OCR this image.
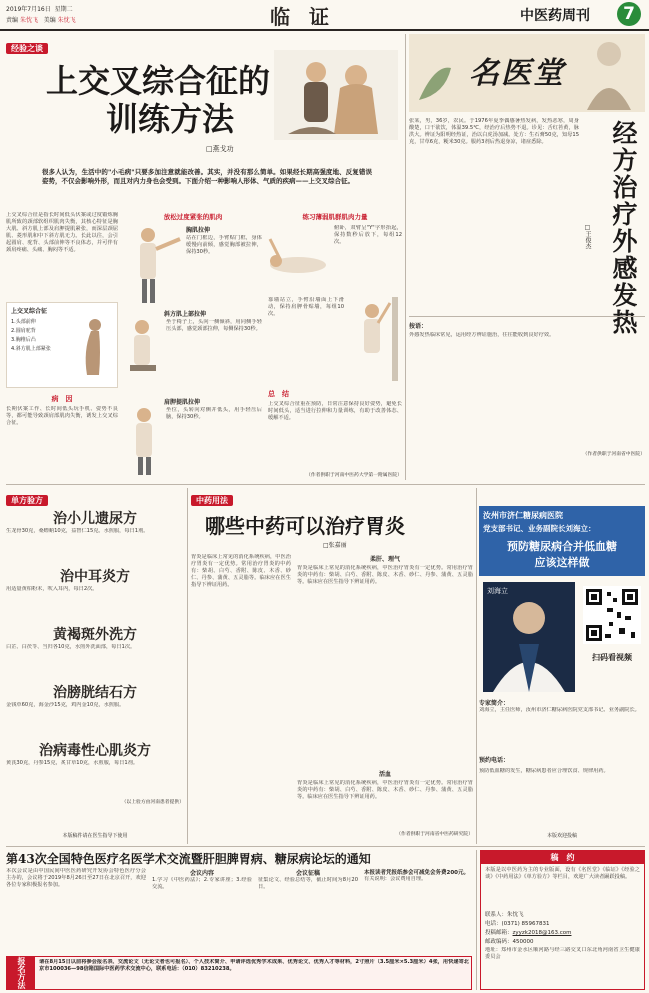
2019年7月16日 星期二
责编 朱忱飞 美编 朱忱飞	临 证	中医药周刊	7
经验之谈
上交叉综合征的
训练方法
□燕戈功
很多人认为，生活中的"小毛病"只要多加注意就能改善。其实，并没有那么简单。如果经长期高强度地、反复错误姿势，不仅会影响外形，而且对内力身也会受到。下面介绍一种影响人形体、气质的疾病——上交叉综合征。
上交叉综合征是指长时间低头伏案或过度锻炼胸肌所致的颈部软组织肌肉失衡，其核心特征是胸大肌、斜方肌上部及肩胛提肌紧张，而深层颈屈肌、菱形肌和中下斜方肌无力。长此以往，会引起圆肩、驼背、头部前伸等不良体态，并可伴有颈肩疼痛、头痛、胸闷等不适。
上交叉综合征
1.头部前伸
2.圆肩驼背
3.胸椎后凸
4.斜方肌上部紧张
病　因
长期伏案工作、长时间低头玩手机、姿势不良等，都可能导致颈肩部肌肉失衡，诱发上交叉综合征。
放松过度紧张的肌肉
胸肌拉伸
站在门框边，手臂贴门框，身体缓慢向前倾，感觉胸部被拉伸，保持30秒。
斜方肌上部拉伸
坐于椅子上，头向一侧倾斜，用同侧手轻压头部，感觉颈部拉伸，每侧保持30秒。
肩胛提肌拉伸
坐位，头转向对侧并低头，用手轻压后脑，保持30秒。
练习薄弱肌群肌肉力量
俯卧，双臂呈"Y"字形抬起，保持数秒后放下，每组12次。
靠墙站立，手臂沿墙面上下滑动，保持肩胛骨贴墙，每组10次。
总　结
上交叉综合征重在预防，日常注意保持良好姿势，避免长时间低头，适当进行拉伸和力量训练，有助于改善体态、缓解不适。
（作者供职于河南中医药大学第一附属医院）
名医堂
张某，男，36岁，农民。于1976年夏季偶感暑热发病，发热恶寒，周身酸楚，口干欲饮，体温39.5℃，经治疗后热势不退。诊见：舌红苔黄，脉洪大。辨证为阳明经热证，治以白虎汤加减。处方：生石膏50克，知母15克，甘草6克，粳米30克。服药3剂后热退身凉，诸症悉除。	经方治疗外感发热
□王俊杰
按语：
外感发热临床常见，运用经方辨证施治，往往能收到良好疗效。
（作者供职于河南省中医院）
单方验方
治小儿遗尿方
生龙骨30克，桑螵蛸10克，益智仁15克。水煎服，每日1剂。
治中耳炎方
用适量黄柏粉末，吹入耳内，每日2次。
黄褐斑外洗方
白芷、白茯苓、当归各10克，水煎外洗面部，每日1次。
治膀胱结石方
金钱草60克，海金沙15克，鸡内金10克，水煎服。
治病毒性心肌炎方
黄芪30克，丹参15克，炙甘草10克，水煎服，每日1剂。
（以上验方由河南患者提供）
本版稿件请在医生指导下使用
中药用法
哪些中药可以治疗胃炎
□张嘉丽
胃炎是临床上常见的消化系统疾病，中医治疗胃炎有一定优势。常用治疗胃炎的中药有：柴胡、白芍、香附、陈皮、木香、砂仁、丹参、蒲黄、五灵脂等。临床应在医生指导下辨证用药。
柔肝、理气
胃炎是临床上常见的消化系统疾病，中医治疗胃炎有一定优势。常用治疗胃炎的中药有：柴胡、白芍、香附、陈皮、木香、砂仁、丹参、蒲黄、五灵脂等。临床应在医生指导下辨证用药。
活血
胃炎是临床上常见的消化系统疾病，中医治疗胃炎有一定优势。常用治疗胃炎的中药有：柴胡、白芍、香附、陈皮、木香、砂仁、丹参、蒲黄、五灵脂等。临床应在医生指导下辨证用药。
（作者供职于河南省中医药研究院）
汝州市济仁糖尿病医院
党支部书记、业务副院长刘海立：
预防糖尿病合并低血糖
应该这样做
刘海立
扫码看视频
专家简介：
刘海立，主任医师，汝州市济仁糖尿病医院党支部书记、业务副院长。
预约电话：
预防低血糖的发生，糖尿病患者应合理饮食、规律用药。
本版欢迎投稿
第43次全国特色医疗名医学术交流暨肝胆脾胃病、糖尿病论坛的通知
本次会议是由中国民间中医医药研究开发协会特色医疗分会主办的，会议将于2019年8月26日至27日在北京召开，欢迎各位专家积极报名参加。
会议内容
1.学习《中医药法》；2.专家讲座；3.经验交流。
会议征稿
征集论文、经验总结等，截止时间为8月20日。
本报读者凭报纸参会可减免会务费200元。
有关说明：会议费用自理。
报名方法	请在8月15日以前将参会报名表、交流论文（无论文者也可报名）、个人技术简介、申请评选优秀学术成果、优秀论文、优秀人才等材料，2寸照片（3.5厘米×5.3厘米）4张，用快递寄北京市100036—98信箱国际中医药学术交流中心，联系电话：（010）83210238。
稿　约
本版是以中医药为主的专业版面，设有《名医堂》《临证》《经验之谈》《中药用法》《单方验方》等栏目，欢迎广大读者踊跃投稿。
联系人：朱忱飞
电话：(0371) 85967831
投稿邮箱：zyyzk2018@163.com
邮政编码：450000
地址：郑州市金水区顺河路与经三路交叉口东北角河南省卫生健康委员会
